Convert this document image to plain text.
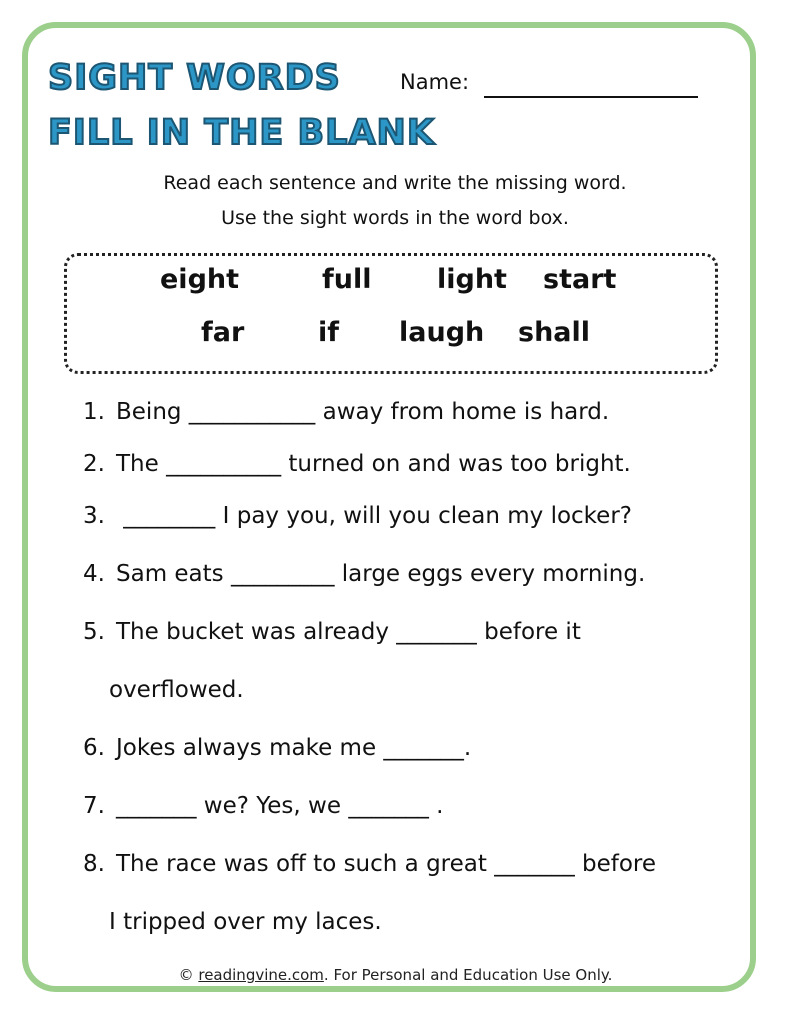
SIGHT WORDS
FILL IN THE BLANK
Name:
Read each sentence and write the missing word.
Use the sight words in the word box.
eight	full light start
far	if laugh shall
1. Being ___________ away from home is hard.
2. The __________ turned on and was too bright.
3. ________ I pay you, will you clean my locker?
4. Sam eats _________ large eggs every morning.
5. The bucket was already _______ before it
overflowed.
6. Jokes always make me _______.
7. _______ we? Yes, we _______ .
8. The race was off to such a great _______ before
I tripped over my laces.
© readingvine.com. For Personal and Education Use Only.
